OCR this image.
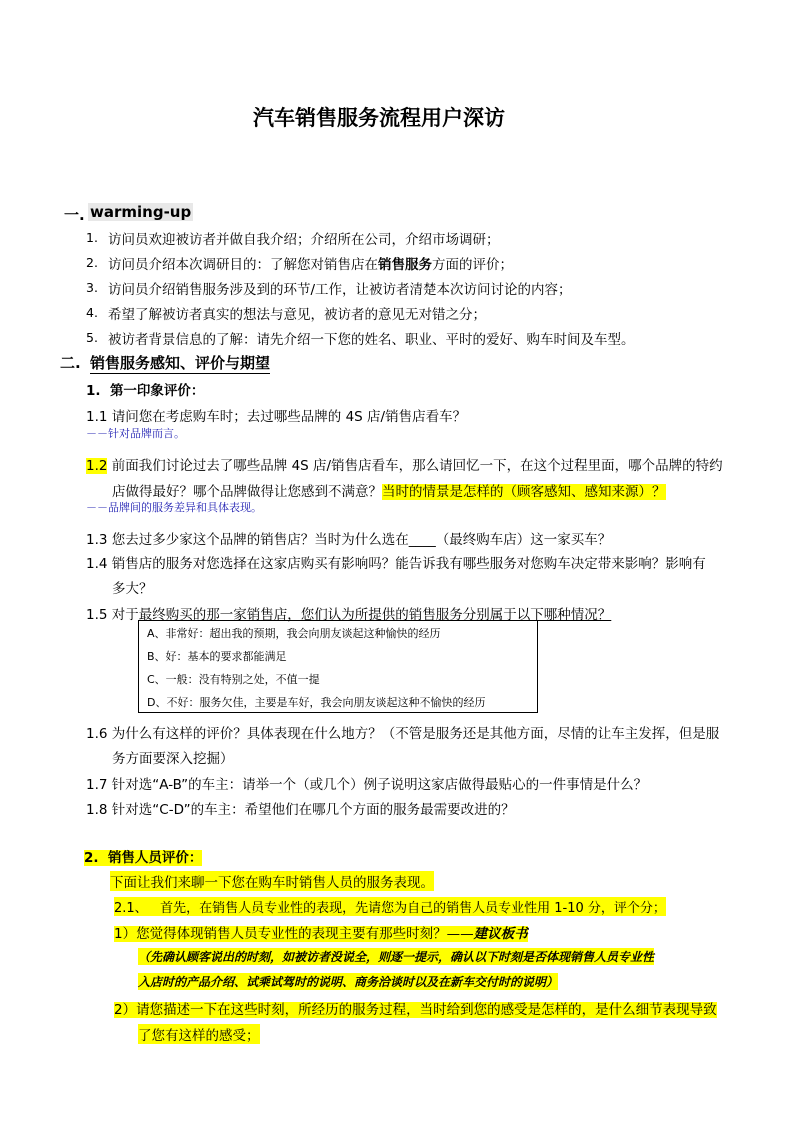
汽车销售服务流程用户深访
一. warming-up
1. 访问员欢迎被访者并做自我介绍；介绍所在公司，介绍市场调研；
2. 访问员介绍本次调研目的：了解您对销售店在销售服务方面的评价；
3. 访问员介绍销售服务涉及到的环节/工作，让被访者清楚本次访问讨论的内容；
4. 希望了解被访者真实的想法与意见，被访者的意见无对错之分；
5. 被访者背景信息的了解：请先介绍一下您的姓名、职业、平时的爱好、购车时间及车型。
二. 销售服务感知、评价与期望
1. 第一印象评价：
1.1 请问您在考虑购车时；去过哪些品牌的 4S 店/销售店看车？
－－针对品牌而言。
1.2 前面我们讨论过去了哪些品牌 4S 店/销售店看车，那么请回忆一下，在这个过程里面，哪个品牌的特约
店做得最好？哪个品牌做得让您感到不满意？当时的情景是怎样的（顾客感知、感知来源）？
－－品牌间的服务差异和具体表现。
1.3 您去过多少家这个品牌的销售店？当时为什么选在____（最终购车店）这一家买车？
1.4 销售店的服务对您选择在这家店购买有影响吗？能告诉我有哪些服务对您购车决定带来影响？影响有
多大？
1.5 对于最终购买的那一家销售店，您们认为所提供的销售服务分别属于以下哪种情况？
A、非常好：超出我的预期，我会向朋友谈起这种愉快的经历
B、好：基本的要求都能满足
C、一般：没有特别之处，不值一提
D、不好：服务欠佳，主要是车好，我会向朋友谈起这种不愉快的经历
1.6 为什么有这样的评价？具体表现在什么地方？（不管是服务还是其他方面，尽情的让车主发挥，但是服
务方面要深入挖掘）
1.7 针对选“A-B”的车主：请举一个（或几个）例子说明这家店做得最贴心的一件事情是什么？
1.8 针对选“C-D”的车主：希望他们在哪几个方面的服务最需要改进的？
2. 销售人员评价：
下面让我们来聊一下您在购车时销售人员的服务表现。
2.1、 首先，在销售人员专业性的表现，先请您为自己的销售人员专业性用 1-10 分，评个分；
1）您觉得体现销售人员专业性的表现主要有那些时刻？——建议板书
（先确认顾客说出的时刻，如被访者没说全，则逐一提示，确认以下时刻是否体现销售人员专业性
入店时的产品介绍、试乘试驾时的说明、商务洽谈时以及在新车交付时的说明）
2）请您描述一下在这些时刻，所经历的服务过程，当时给到您的感受是怎样的，是什么细节表现导致
了您有这样的感受；
